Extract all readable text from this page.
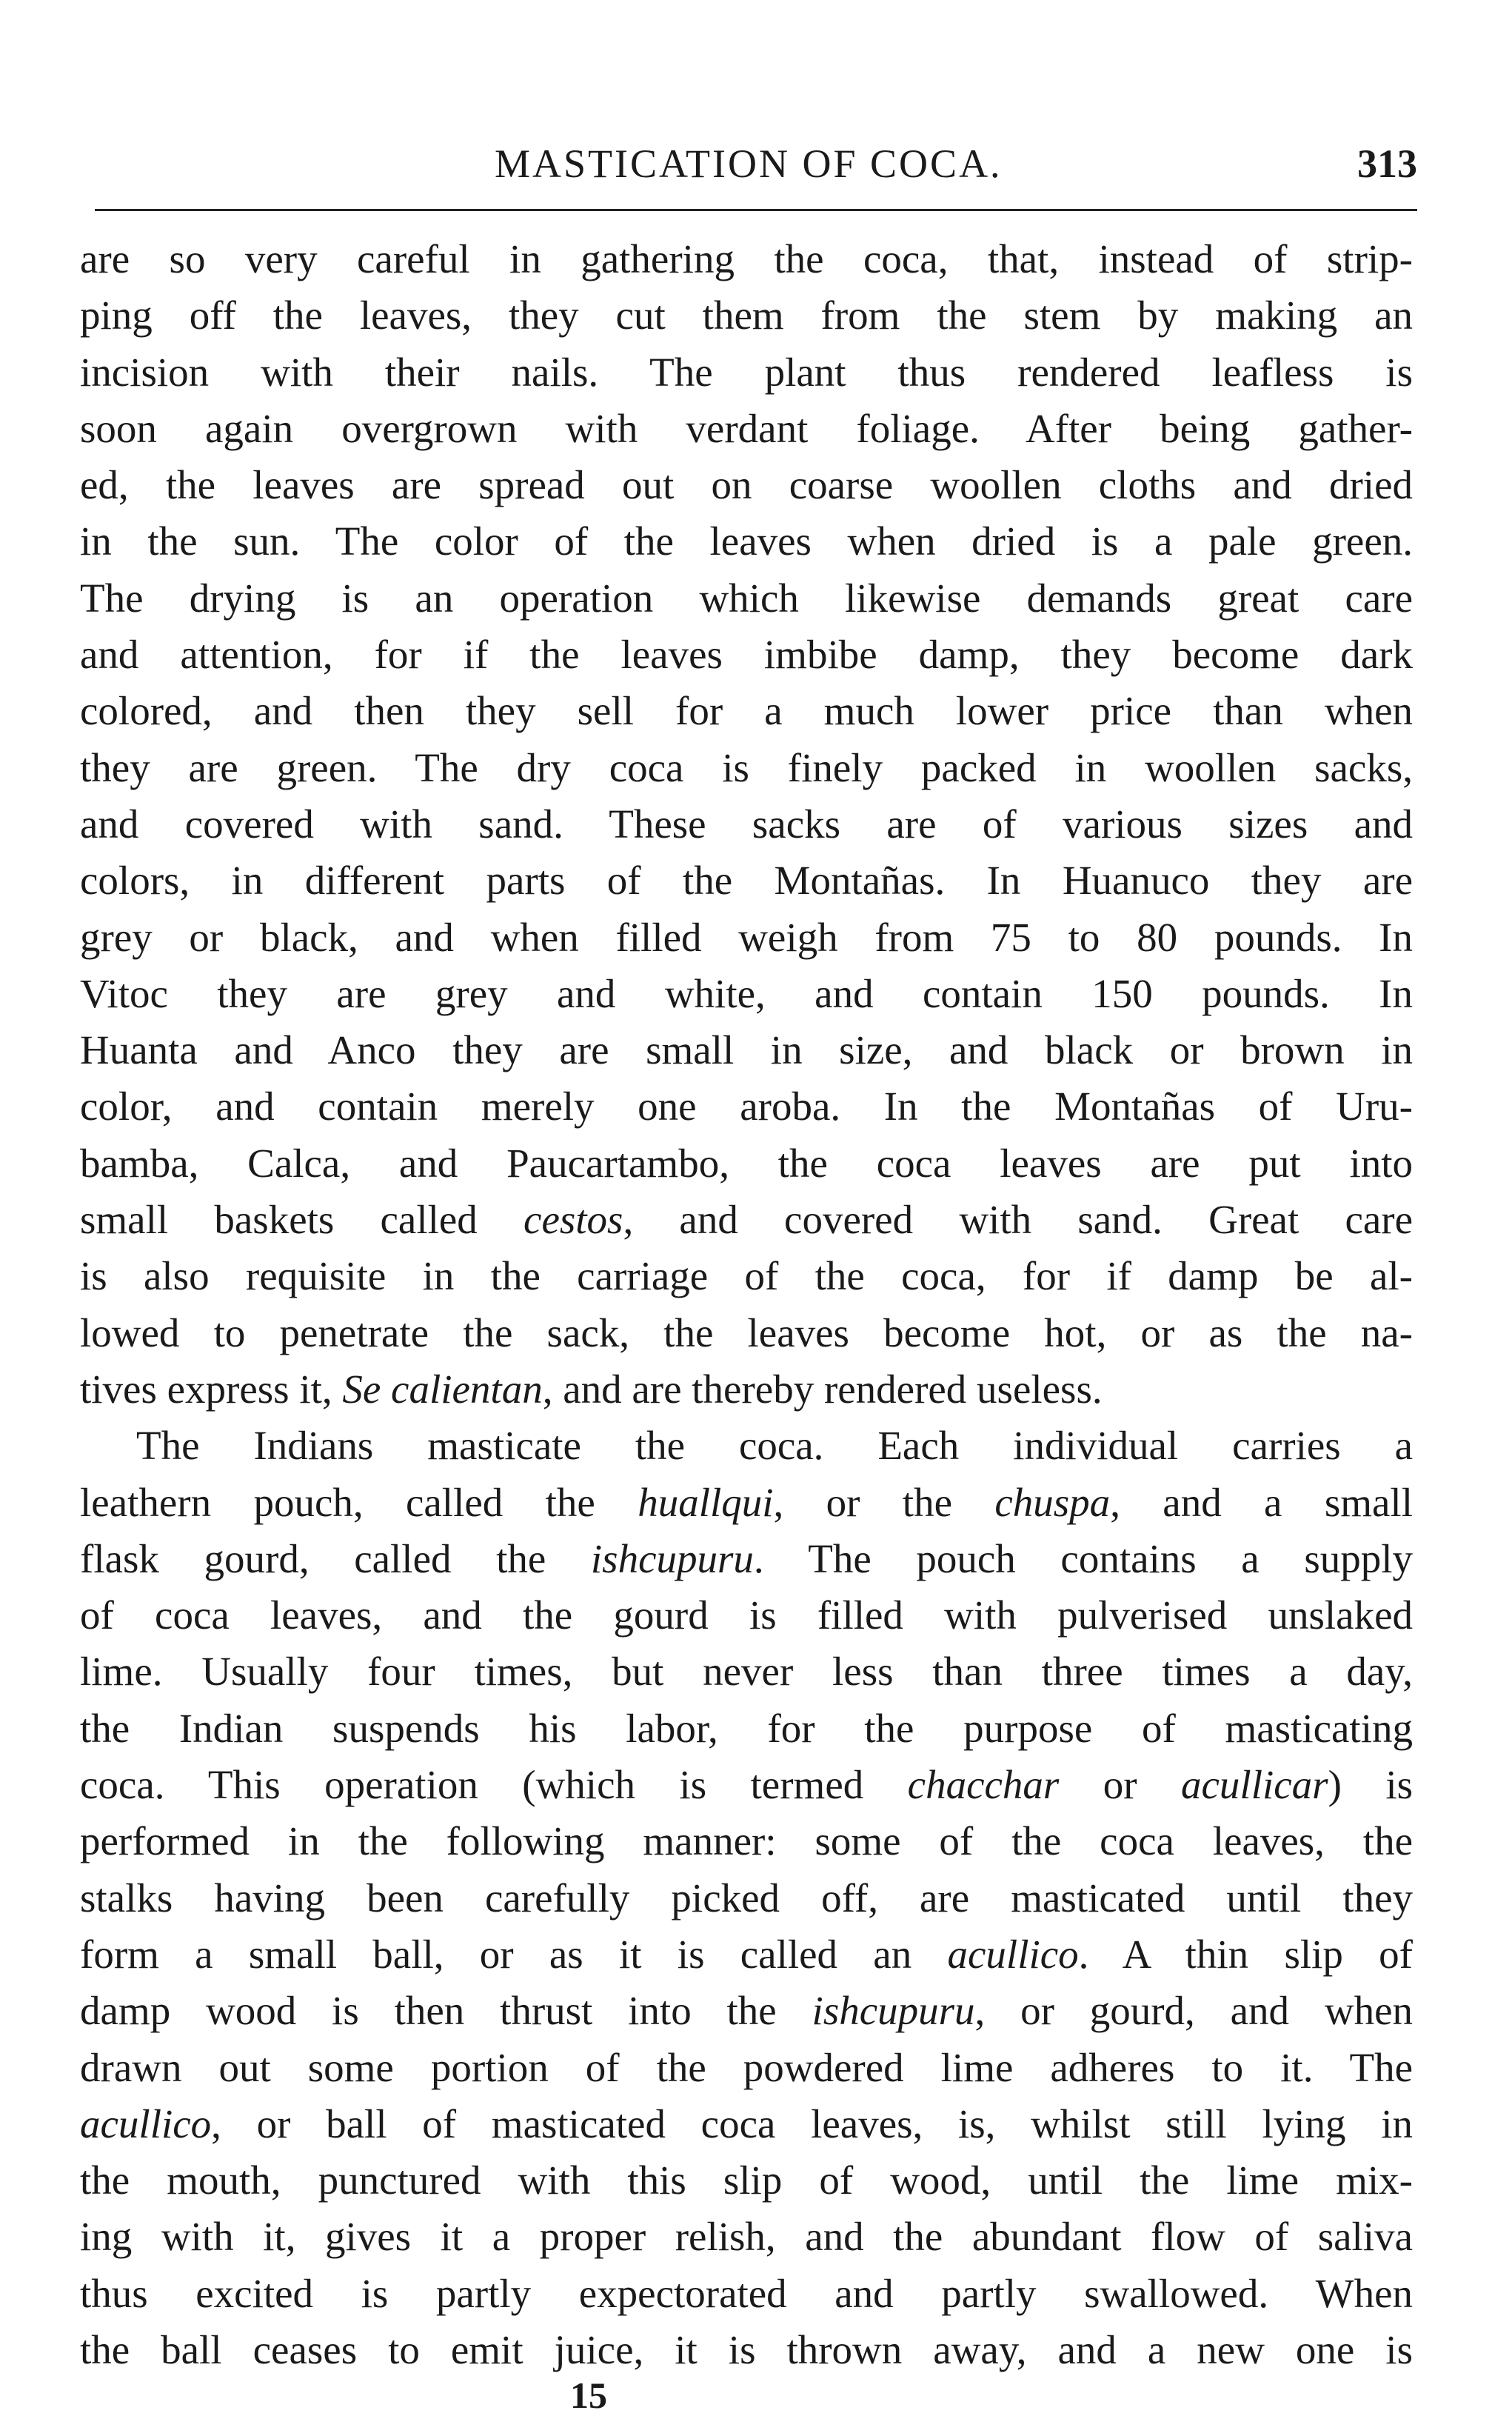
MASTICATION OF COCA.	313
are so very careful in gathering the coca, that, instead of strip-
ping off the leaves, they cut them from the stem by making an
incision with their nails. The plant thus rendered leafless is
soon again overgrown with verdant foliage. After being gather-
ed, the leaves are spread out on coarse woollen cloths and dried
in the sun. The color of the leaves when dried is a pale green.
The drying is an operation which likewise demands great care
and attention, for if the leaves imbibe damp, they become dark
colored, and then they sell for a much lower price than when
they are green. The dry coca is finely packed in woollen sacks,
and covered with sand. These sacks are of various sizes and
colors, in different parts of the Montañas. In Huanuco they are
grey or black, and when filled weigh from 75 to 80 pounds. In
Vitoc they are grey and white, and contain 150 pounds. In
Huanta and Anco they are small in size, and black or brown in
color, and contain merely one aroba. In the Montañas of Uru-
bamba, Calca, and Paucartambo, the coca leaves are put into
small baskets called cestos, and covered with sand. Great care
is also requisite in the carriage of the coca, for if damp be al-
lowed to penetrate the sack, the leaves become hot, or as the na-
tives express it, Se calientan, and are thereby rendered useless.
The Indians masticate the coca. Each individual carries a
leathern pouch, called the huallqui, or the chuspa, and a small
flask gourd, called the ishcupuru. The pouch contains a supply
of coca leaves, and the gourd is filled with pulverised unslaked
lime. Usually four times, but never less than three times a day,
the Indian suspends his labor, for the purpose of masticating
coca. This operation (which is termed chacchar or acullicar) is
performed in the following manner: some of the coca leaves, the
stalks having been carefully picked off, are masticated until they
form a small ball, or as it is called an acullico. A thin slip of
damp wood is then thrust into the ishcupuru, or gourd, and when
drawn out some portion of the powdered lime adheres to it. The
acullico, or ball of masticated coca leaves, is, whilst still lying in
the mouth, punctured with this slip of wood, until the lime mix-
ing with it, gives it a proper relish, and the abundant flow of saliva
thus excited is partly expectorated and partly swallowed. When
the ball ceases to emit juice, it is thrown away, and a new one is
15
